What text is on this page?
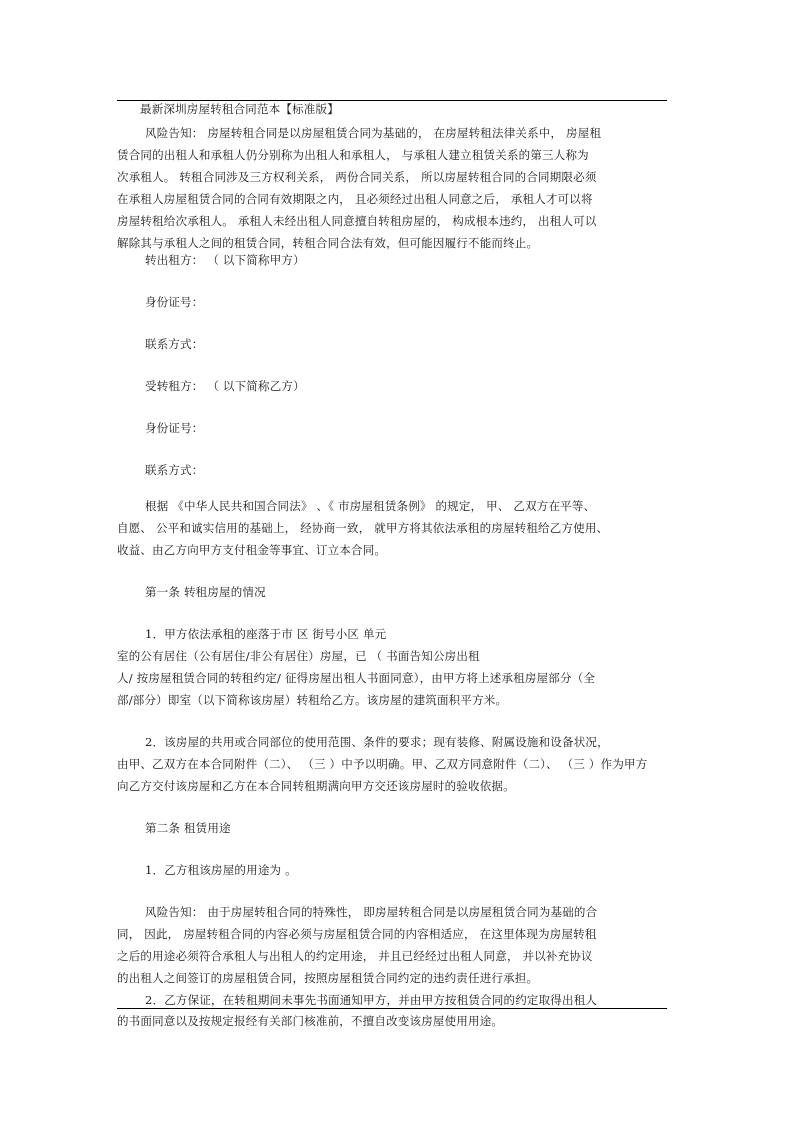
最新深圳房屋转租合同范本【标准版】
风险告知： 房屋转租合同是以房屋租赁合同为基础的， 在房屋转租法律关系中， 房屋租
赁合同的出租人和承租人仍分别称为出租人和承租人， 与承租人建立租赁关系的第三人称为
次承租人。 转租合同涉及三方权利关系， 两份合同关系， 所以房屋转租合同的合同期限必须
在承租人房屋租赁合同的合同有效期限之内， 且必须经过出租人同意之后， 承租人才可以将
房屋转租给次承租人。 承租人未经出租人同意擅自转租房屋的， 构成根本违约， 出租人可以
解除其与承租人之间的租赁合同，转租合同合法有效，但可能因履行不能而终止。
转出租方： （ 以下简称甲方）
身份证号：
联系方式：
受转租方： （ 以下简称乙方）
身份证号：
联系方式：
根据 《中华人民共和国合同法》 、《 市房屋租赁条例》 的规定， 甲、 乙双方在平等、
自愿、 公平和诚实信用的基础上， 经协商一致， 就甲方将其依法承租的房屋转租给乙方使用、
收益、由乙方向甲方支付租金等事宜、订立本合同。
第一条 转租房屋的情况
1．甲方依法承租的座落于市 区 街号小区 单元
室的公有居住（公有居住/非公有居住）房屋，已 （ 书面告知公房出租
人/ 按房屋租赁合同的转租约定/ 征得房屋出租人书面同意），由甲方将上述承租房屋部分（全
部/部分）即室（以下简称该房屋）转租给乙方。该房屋的建筑面积平方米。
2．该房屋的共用或合同部位的使用范围、条件的要求；现有装修、附属设施和设备状况，
由甲、乙双方在本合同附件（二）、 （三 ）中予以明确。甲、乙双方同意附件（二）、 （三 ）作为甲方
向乙方交付该房屋和乙方在本合同转租期满向甲方交还该房屋时的验收依据。
第二条 租赁用途
1．乙方租该房屋的用途为 。
风险告知： 由于房屋转租合同的特殊性， 即房屋转租合同是以房屋租赁合同为基础的合
同， 因此， 房屋转租合同的内容必须与房屋租赁合同的内容相适应， 在这里体现为房屋转租
之后的用途必须符合承租人与出租人的约定用途， 并且已经经过出租人同意， 并以补充协议
的出租人之间签订的房屋租赁合同，按照房屋租赁合同约定的违约责任进行承担。
2．乙方保证，在转租期间未事先书面通知甲方，并由甲方按租赁合同的约定取得出租人
的书面同意以及按规定报经有关部门核准前，不擅自改变该房屋使用用途。
